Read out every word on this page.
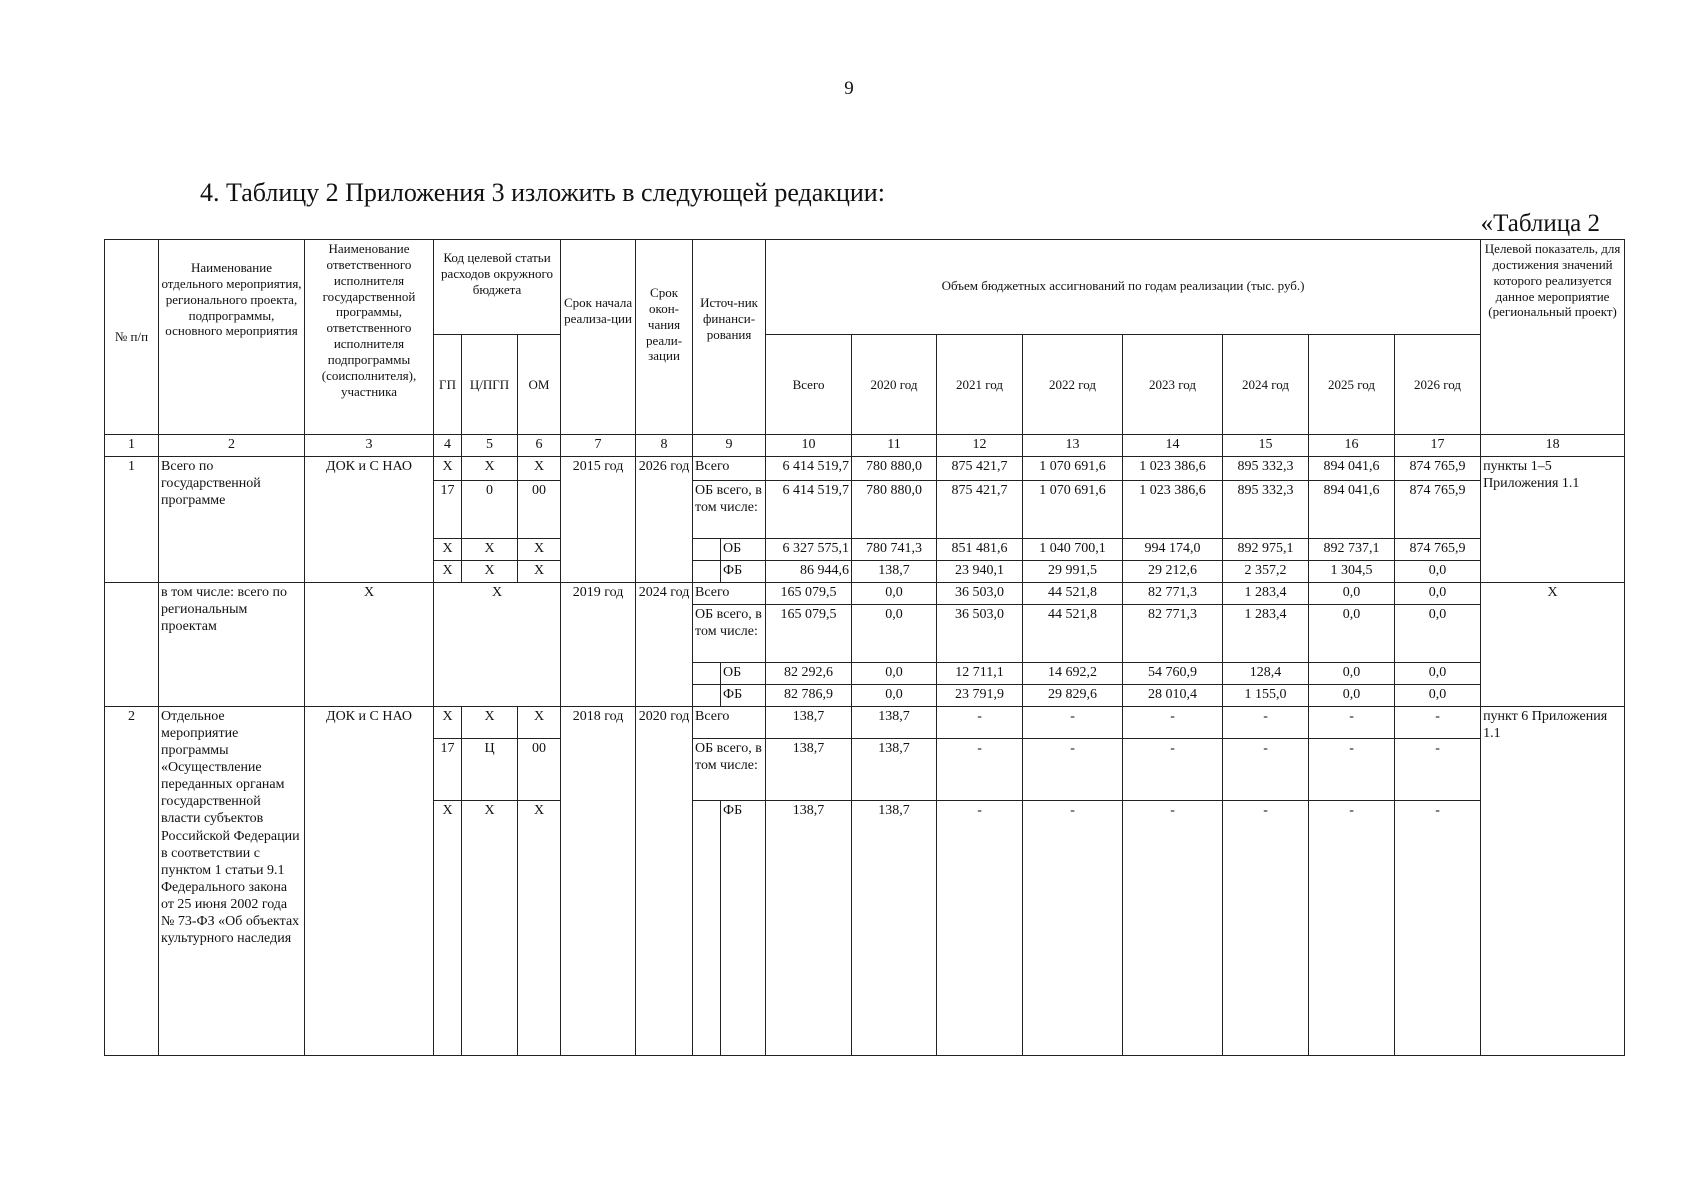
9
4. Таблицу 2 Приложения 3 изложить в следующей редакции:
«Таблица 2
№ п/п	Наименование отдельного мероприятия, регионального проекта, подпрограммы, основного мероприятия	Наименование ответственного исполнителя государственной программы, ответственного исполнителя подпрограммы (соисполнителя), участника	Код целевой статьи расходов окружного бюджета			Срок начала реализа-ции	Срок окон-чания реали-зации	Источ-ник финанси-рования		Объем бюджетных ассигнований по годам реализации (тыс. руб.)								Целевой показатель, для достижения значений которого реализуется данное мероприятие (региональный проект)
			ГП	Ц/ПГП	ОМ					Всего	2020 год	2021 год	2022 год	2023 год	2024 год	2025 год	2026 год	
1	2	3	4	5	6	7	8	9		10	11	12	13	14	15	16	17	18
1	Всего по государственной программе	ДОК и С НАО	Х	Х	Х	2015 год	2026 год	Всего		6 414 519,7	780 880,0	875 421,7	1 070 691,6	1 023 386,6	895 332,3	894 041,6	874 765,9	пункты 1–5 Приложения 1.1
			17	0	00			ОБ всего, в том числе:		6 414 519,7	780 880,0	875 421,7	1 070 691,6	1 023 386,6	895 332,3	894 041,6	874 765,9	
			Х	Х	Х				ОБ	6 327 575,1	780 741,3	851 481,6	1 040 700,1	994 174,0	892 975,1	892 737,1	874 765,9	
			Х	Х	Х				ФБ	86 944,6	138,7	23 940,1	29 991,5	29 212,6	2 357,2	1 304,5	0,0	
	в том числе: всего по региональным проектам	Х	Х			2019 год	2024 год	Всего		165 079,5	0,0	36 503,0	44 521,8	82 771,3	1 283,4	0,0	0,0	Х
								ОБ всего, в том числе:		165 079,5	0,0	36 503,0	44 521,8	82 771,3	1 283,4	0,0	0,0	
									ОБ	82 292,6	0,0	12 711,1	14 692,2	54 760,9	128,4	0,0	0,0	
									ФБ	82 786,9	0,0	23 791,9	29 829,6	28 010,4	1 155,0	0,0	0,0	
2	Отдельное мероприятие программы «Осуществление переданных органам государственной власти субъектов Российской Федерации в соответствии с пунктом 1 статьи 9.1 Федерального закона от 25 июня 2002 года № 73-ФЗ «Об объектах культурного наследия	ДОК и С НАО	Х	Х	Х	2018 год	2020 год	Всего		138,7	138,7	-	-	-	-	-	-	пункт 6 Приложения 1.1
			17	Ц	00			ОБ всего, в том числе:		138,7	138,7	-	-	-	-	-	-	
			Х	Х	Х				ФБ	138,7	138,7	-	-	-	-	-	-	
